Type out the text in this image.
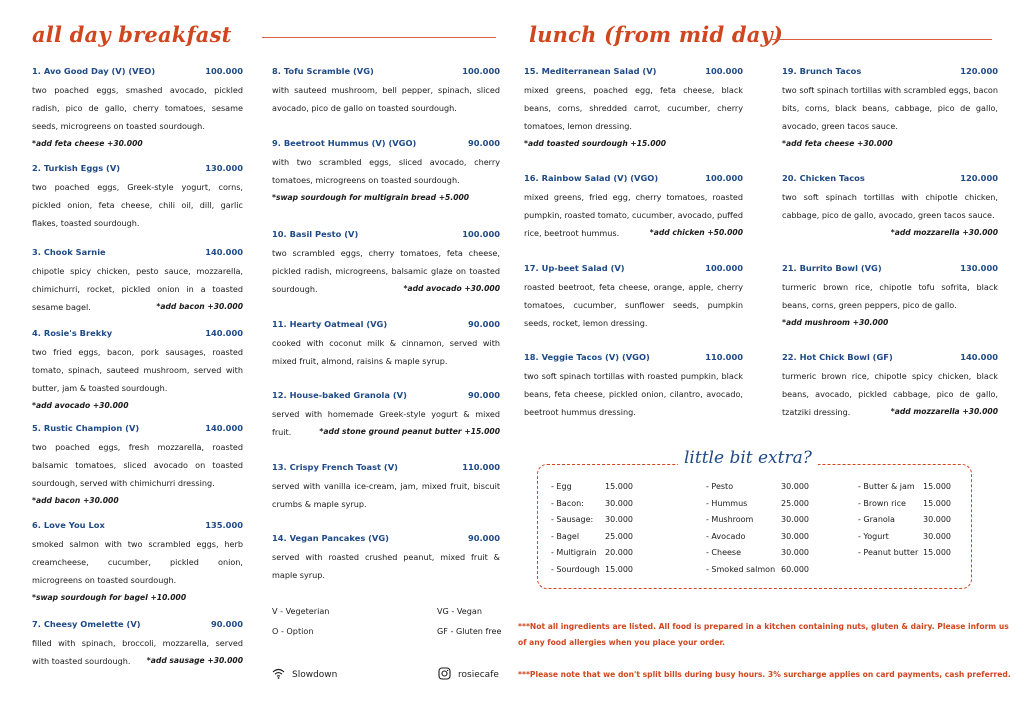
all day breakfast	lunch (from mid day)
1. Avo Good Day (V) (VEO)	100.000
two poached eggs, smashed avocado, pickled radish, pico de gallo, cherry tomatoes, sesame seeds, microgreens on toasted sourdough.
*add feta cheese +30.000
2. Turkish Eggs (V)	130.000
two poached eggs, Greek-style yogurt, corns, pickled onion, feta cheese, chili oil, dill, garlic flakes, toasted sourdough.
3. Chook Sarnie	140.000
chipotle spicy chicken, pesto sauce, mozzarella, chimichurri, rocket, pickled onion in a toasted sesame bagel.	*add bacon +30.000
4. Rosie's Brekky	140.000
two fried eggs, bacon, pork sausages, roasted tomato, spinach, sauteed mushroom, served with butter, jam & toasted sourdough.
*add avocado +30.000
5. Rustic Champion (V)	140.000
two poached eggs, fresh mozzarella, roasted balsamic tomatoes, sliced avocado on toasted sourdough, served with chimichurri dressing.
*add bacon +30.000
6. Love You Lox	135.000
smoked salmon with two scrambled eggs, herb creamcheese, cucumber, pickled onion, microgreens on toasted sourdough.
*swap sourdough for bagel +10.000
7. Cheesy Omelette (V)	90.000
filled with spinach, broccoli, mozzarella, served with toasted sourdough. *add sausage +30.000
8. Tofu Scramble (VG)	100.000
with sauteed mushroom, bell pepper, spinach, sliced avocado, pico de gallo on toasted sourdough.
9. Beetroot Hummus (V) (VGO)	90.000
with two scrambled eggs, sliced avocado, cherry tomatoes, microgreens on toasted sourdough.
*swap sourdough for multigrain bread +5.000
10. Basil Pesto (V)	100.000
two scrambled eggs, cherry tomatoes, feta cheese, pickled radish, microgreens, balsamic glaze on toasted sourdough.	*add avocado +30.000
11. Hearty Oatmeal (VG)	90.000
cooked with coconut milk & cinnamon, served with mixed fruit, almond, raisins & maple syrup.
12. House-baked Granola (V)	90.000
served with homemade Greek-style yogurt & mixed fruit.	*add stone ground peanut butter +15.000
13. Crispy French Toast (V)	110.000
served with vanilla ice-cream, jam, mixed fruit, biscuit crumbs & maple syrup.
14. Vegan Pancakes (VG)	90.000
served with roasted crushed peanut, mixed fruit & maple syrup.
15. Mediterranean Salad (V)	100.000
mixed greens, poached egg, feta cheese, black beans, corns, shredded carrot, cucumber, cherry tomatoes, lemon dressing.
*add toasted sourdough +15.000
16. Rainbow Salad (V) (VGO)	100.000
mixed greens, fried egg, cherry tomatoes, roasted pumpkin, roasted tomato, cucumber, avocado, puffed rice, beetroot hummus.	*add chicken +50.000
17. Up-beet Salad (V)	100.000
roasted beetroot, feta cheese, orange, apple, cherry tomatoes, cucumber, sunflower seeds, pumpkin seeds, rocket, lemon dressing.
18. Veggie Tacos (V) (VGO)	110.000
two soft spinach tortillas with roasted pumpkin, black beans, feta cheese, pickled onion, cilantro, avocado, beetroot hummus dressing.
19. Brunch Tacos	120.000
two soft spinach tortillas with scrambled eggs, bacon bits, corns, black beans, cabbage, pico de gallo, avocado, green tacos sauce.
*add feta cheese +30.000
20. Chicken Tacos	120.000
two soft spinach tortillas with chipotle chicken, cabbage, pico de gallo, avocado, green tacos sauce.
*add mozzarella +30.000
21. Burrito Bowl (VG)	130.000
turmeric brown rice, chipotle tofu sofrita, black beans, corns, green peppers, pico de gallo.
*add mushroom +30.000
22. Hot Chick Bowl (GF)	140.000
turmeric brown rice, chipotle spicy chicken, black beans, avocado, pickled cabbage, pico de gallo, tzatziki dressing.	*add mozzarella +30.000
V - Vegeterian
O - Option
VG - Vegan
GF - Gluten free
Slowdown	rosiecafe
little bit extra?
- Egg	15.000
- Bacon:	30.000
- Sausage: 30.000
- Bagel	25.000
- Multigrain 20.000
- Sourdough 15.000
- Pesto	30.000
- Hummus	25.000
- Mushroom	30.000
- Avocado	30.000
- Cheese	30.000
- Smoked salmon 60.000
- Butter & jam 15.000
- Brown rice 15.000
- Granola	30.000
- Yogurt	30.000
- Peanut butter 15.000
***Not all ingredients are listed. All food is prepared in a kitchen containing nuts, gluten & dairy. Please inform us of any food allergies when you place your order.
***Please note that we don't split bills during busy hours. 3% surcharge applies on card payments, cash preferred.
